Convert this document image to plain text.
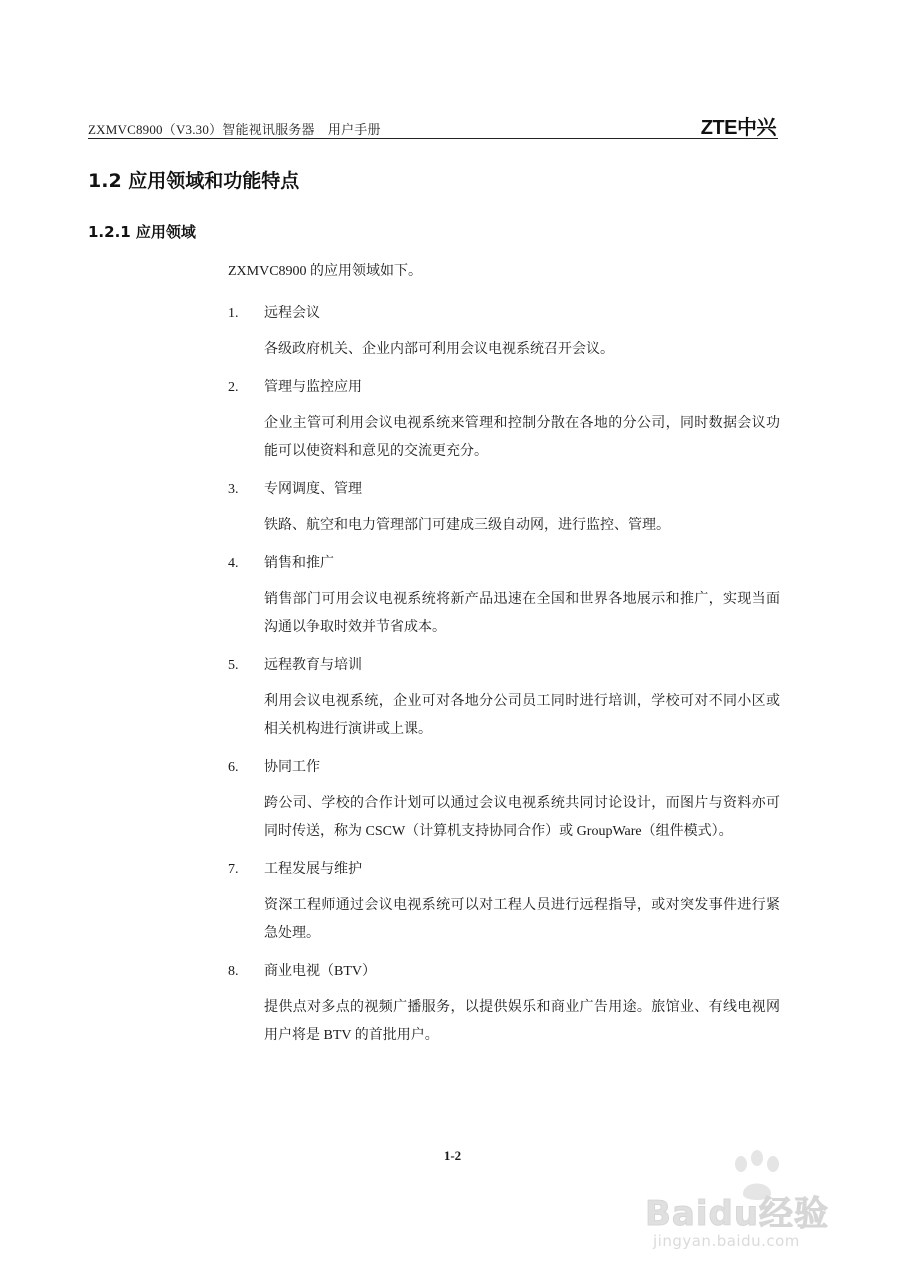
ZXMVC8900（V3.30）智能视讯服务器　用户手册	ZTE中兴
1.2 应用领域和功能特点
1.2.1 应用领域

ZXMVC8900 的应用领域如下。

1.	远程会议

各级政府机关、企业内部可利用会议电视系统召开会议。

2.	管理与监控应用

企业主管可利用会议电视系统来管理和控制分散在各地的分公司，同时数据会议功能可以使资料和意见的交流更充分。

3.	专网调度、管理

铁路、航空和电力管理部门可建成三级自动网，进行监控、管理。

4.	销售和推广

销售部门可用会议电视系统将新产品迅速在全国和世界各地展示和推广，实现当面沟通以争取时效并节省成本。

5.	远程教育与培训

利用会议电视系统，企业可对各地分公司员工同时进行培训，学校可对不同小区或相关机构进行演讲或上课。

6.	协同工作

跨公司、学校的合作计划可以通过会议电视系统共同讨论设计，而图片与资料亦可同时传送，称为 CSCW（计算机支持协同合作）或 GroupWare（组件模式）。

7.	工程发展与维护

资深工程师通过会议电视系统可以对工程人员进行远程指导，或对突发事件进行紧急处理。

8.	商业电视（BTV）

提供点对多点的视频广播服务，以提供娱乐和商业广告用途。旅馆业、有线电视网用户将是 BTV 的首批用户。

1-2
Baidu经验
jingyan.baidu.com
